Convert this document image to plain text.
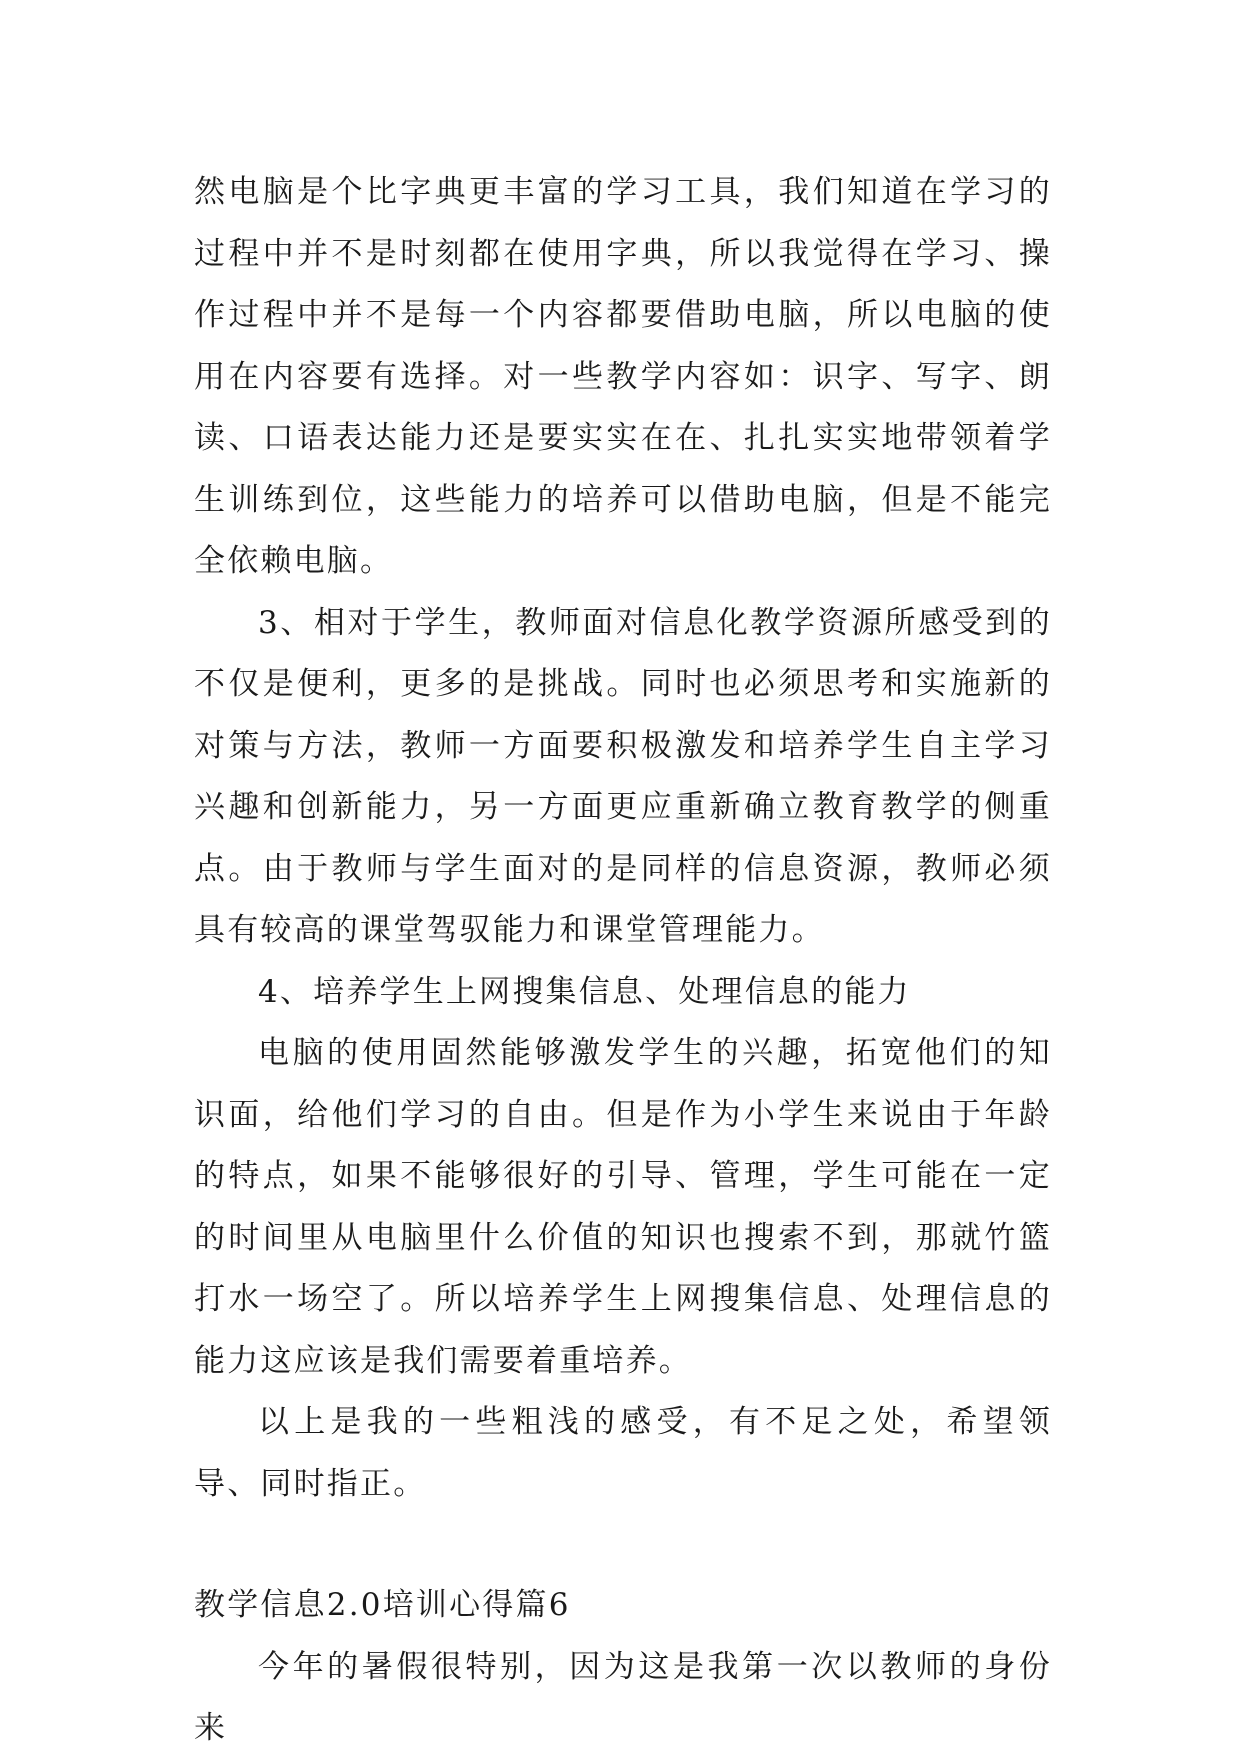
然电脑是个比字典更丰富的学习工具，我们知道在学习的过程中并不是时刻都在使用字典，所以我觉得在学习、操作过程中并不是每一个内容都要借助电脑，所以电脑的使用在内容要有选择。对一些教学内容如：识字、写字、朗读、口语表达能力还是要实实在在、扎扎实实地带领着学生训练到位，这些能力的培养可以借助电脑，但是不能完全依赖电脑。

3、相对于学生，教师面对信息化教学资源所感受到的不仅是便利，更多的是挑战。同时也必须思考和实施新的对策与方法，教师一方面要积极激发和培养学生自主学习兴趣和创新能力，另一方面更应重新确立教育教学的侧重点。由于教师与学生面对的是同样的信息资源，教师必须具有较高的课堂驾驭能力和课堂管理能力。

4、培养学生上网搜集信息、处理信息的能力

电脑的使用固然能够激发学生的兴趣，拓宽他们的知识面，给他们学习的自由。但是作为小学生来说由于年龄的特点，如果不能够很好的引导、管理，学生可能在一定的时间里从电脑里什么价值的知识也搜索不到，那就竹篮打水一场空了。所以培养学生上网搜集信息、处理信息的能力这应该是我们需要着重培养。

以上是我的一些粗浅的感受，有不足之处，希望领导、同时指正。

教学信息2.0培训心得篇6

今年的暑假很特别，因为这是我第一次以教师的身份来
